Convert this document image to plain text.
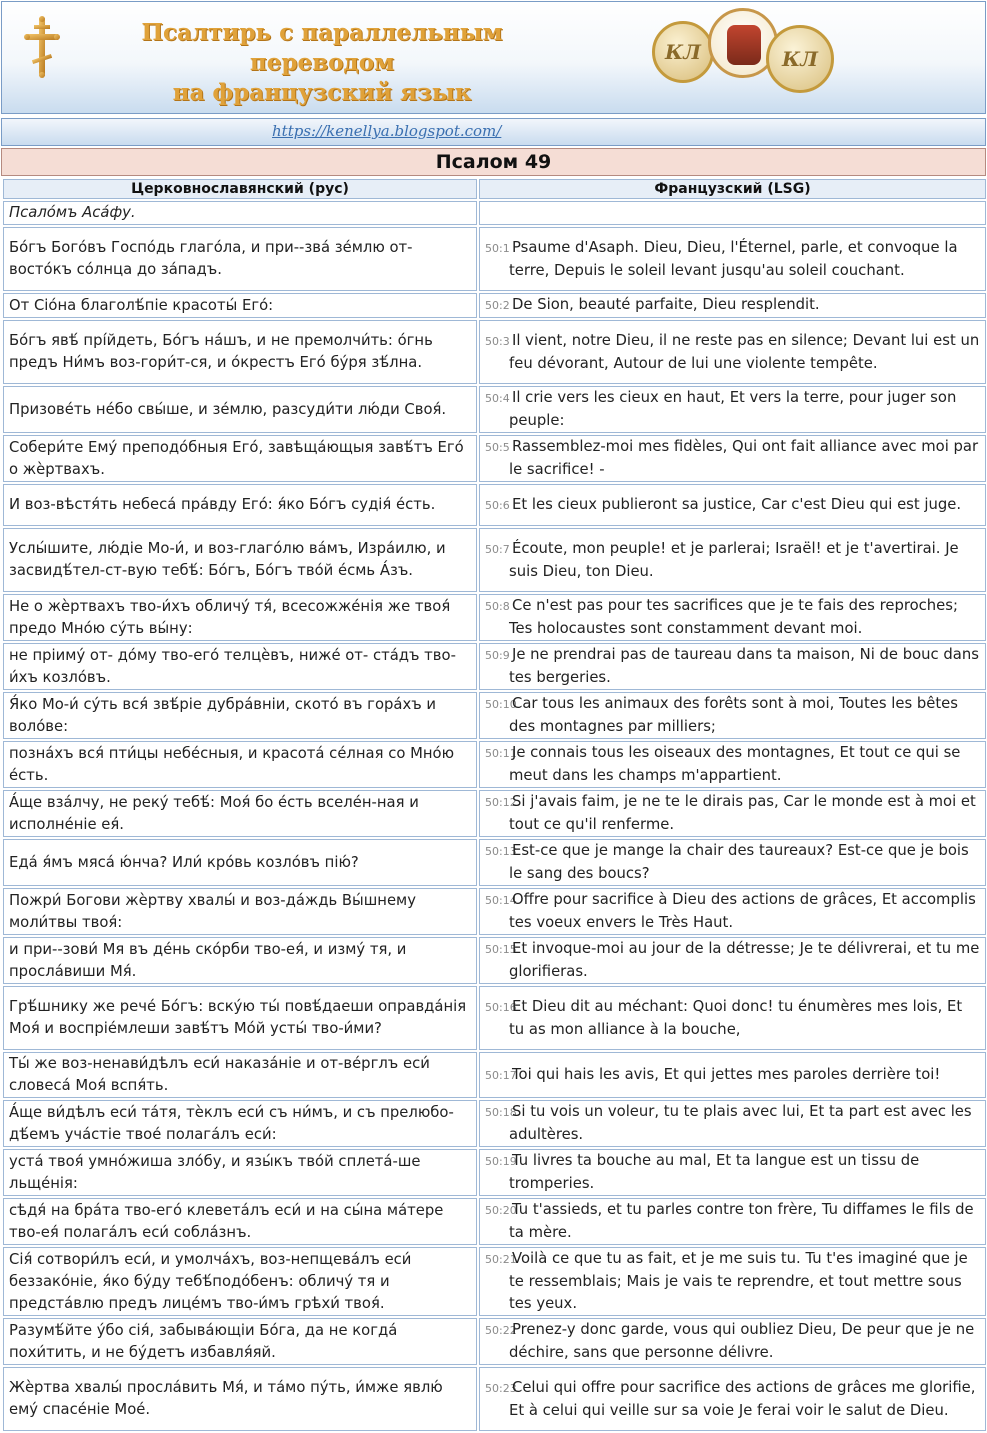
Псалтирь с параллельным переводом
на французский язык
КЛ	КЛ
https://kenellya.blogspot.com/
Псалом 49
Церковнославянский (рус)	Французский (LSG)
Псало́мъ Аса́фу.	
Бо́гъ Бого́въ Госпо́дь глаго́ла, и при--зва́ зе́млю от-восто́къ со́лнца до за́падъ.	50:1 Psaume d'Asaph. Dieu, Dieu, l'Éternel, parle, et convoque la terre, Depuis le soleil levant jusqu'au soleil couchant.
От Сіо́на благолѣ́піе красоты́ Его́:	50:2 De Sion, beauté parfaite, Dieu resplendit.
Бо́гъ явѣ́ прі́йдеть, Бо́гъ на́шъ, и не премолчи́ть: о́гнь предъ Ни́мъ воз-гори́т-ся, и о́крестъ Его́ бу́ря зѣ́лна.	50:3 Il vient, notre Dieu, il ne reste pas en silence; Devant lui est un feu dévorant, Autour de lui une violente tempête.
Призове́ть не́бо свы́ше, и зе́млю, разсуди́ти лю́ди Своя́.	50:4 Il crie vers les cieux en haut, Et vers la terre, pour juger son peuple:
Собери́те Ему́ преподо́бныя Его́, завѣща́ющыя завѣ́тъ Его́ о жѐртвахъ.	50:5 Rassemblez-moi mes fidèles, Qui ont fait alliance avec moi par le sacrifice! -
И воз-вѣстя́ть небеса́ пра́вду Его́: я́ко Бо́гъ судія́ е́сть.	50:6 Et les cieux publieront sa justice, Car c'est Dieu qui est juge.
Услы́шите, лю́діе Мо-и́, и воз-глаго́лю ва́мъ, Изра́илю, и засвидѣ́тел-ст-вую тебѣ́: Бо́гъ, Бо́гъ тво́й е́смь А́зъ.	50:7 Écoute, mon peuple! et je parlerai; Israël! et je t'avertirai. Je suis Dieu, ton Dieu.
Не о жѐртвахъ тво-и́хъ обличу́ тя́, всесожже́нія же твоя́ предо Мно́ю су́ть вы́ну:	50:8 Ce n'est pas pour tes sacrifices que je te fais des reproches; Tes holocaustes sont constamment devant moi.
не пріиму́ от- до́му тво-его́ телцѐвъ, ниже́ от- ста́дъ тво-и́хъ козло́въ.	50:9 Je ne prendrai pas de taureau dans ta maison, Ni de bouc dans tes bergeries.
Я́ко Мо-и́ су́ть вся́ звѣ́ріе дубра́вніи, ското́ въ гора́хъ и воло́ве:	50:10Car tous les animaux des forêts sont à moi, Toutes les bêtes des montagnes par milliers;
позна́хъ вся́ пти́цы небе́сныя, и красота́ се́лная со Мно́ю е́сть.	50:11Je connais tous les oiseaux des montagnes, Et tout ce qui se meut dans les champs m'appartient.
А́ще вза́лчу, не реку́ тебѣ́: Моя́ бо е́сть вселе́н-ная и исполне́ніе ея́.	50:12Si j'avais faim, je ne te le dirais pas, Car le monde est à moi et tout ce qu'il renferme.
Еда́ я́мъ мяса́ ю́нча? Или́ кро́вь козло́въ пію́?	50:13Est-ce que je mange la chair des taureaux? Est-ce que je bois le sang des boucs?
Пожри́ Богови жѐртву хвалы́ и воз-да́ждь Вы́шнему моли́твы твоя́:	50:14Offre pour sacrifice à Dieu des actions de grâces, Et accomplis tes voeux envers le Très Haut.
и при--зови́ Мя въ де́нь ско́рби тво-ея́, и изму́ тя, и просла́виши Мя́.	50:15Et invoque-moi au jour de la détresse; Je te délivrerai, et tu me glorifieras.
Грѣ́шнику же рече́ Бо́гъ: вску́ю ты́ повѣ́даеши оправда́нія Моя́ и воспріе́млеши завѣ́тъ Мо́й усты́ тво-и́ми?	50:16Et Dieu dit au méchant: Quoi donc! tu énumères mes lois, Et tu as mon alliance à la bouche,
Ты́ же воз-ненави́дѣлъ еси́ наказа́ніе и от-ве́рглъ еси́ словеса́ Моя́ вспя́ть.	50:17Toi qui hais les avis, Et qui jettes mes paroles derrière toi!
А́ще ви́дѣлъ еси́ та́тя, тѐклъ еси́ съ ни́мъ, и съ прелюбо-дѣ́емъ уча́стіе твое́ полага́лъ еси́:	50:18Si tu vois un voleur, tu te plais avec lui, Et ta part est avec les adultères.
уста́ твоя́ умно́жиша зло́бу, и язы́къ тво́й сплета́-ше льще́нія:	50:19Tu livres ta bouche au mal, Et ta langue est un tissu de tromperies.
сѣдя́ на бра́та тво-его́ клевета́лъ еси́ и на сы́на ма́тере тво-ея́ полага́лъ еси́ собла́знъ.	50:20Tu t'assieds, et tu parles contre ton frère, Tu diffames le fils de ta mère.
Сія́ сотвори́лъ еси́, и умолча́хъ, воз-непщева́лъ еси́ беззако́ніе, я́ко бу́ду тебѣ́подо́бенъ: обличу́ тя и предста́влю предъ лице́мъ тво-и́мъ грѣхи́ твоя́.	50:21Voilà ce que tu as fait, et je me suis tu. Tu t'es imaginé que je te ressemblais; Mais je vais te reprendre, et tout mettre sous tes yeux.
Разумѣ́йте у́бо сія́, забыва́ющіи Бо́га, да не когда́ похи́тить, и не бу́детъ избавля́яй.	50:22Prenez-y donc garde, vous qui oubliez Dieu, De peur que je ne déchire, sans que personne délivre.
Жѐртва хвалы́ просла́вить Мя́, и та́мо пу́ть, и́мже явлю́ ему́ спасе́ніе Мое́.	50:23Celui qui offre pour sacrifice des actions de grâces me glorifie, Et à celui qui veille sur sa voie Je ferai voir le salut de Dieu.
